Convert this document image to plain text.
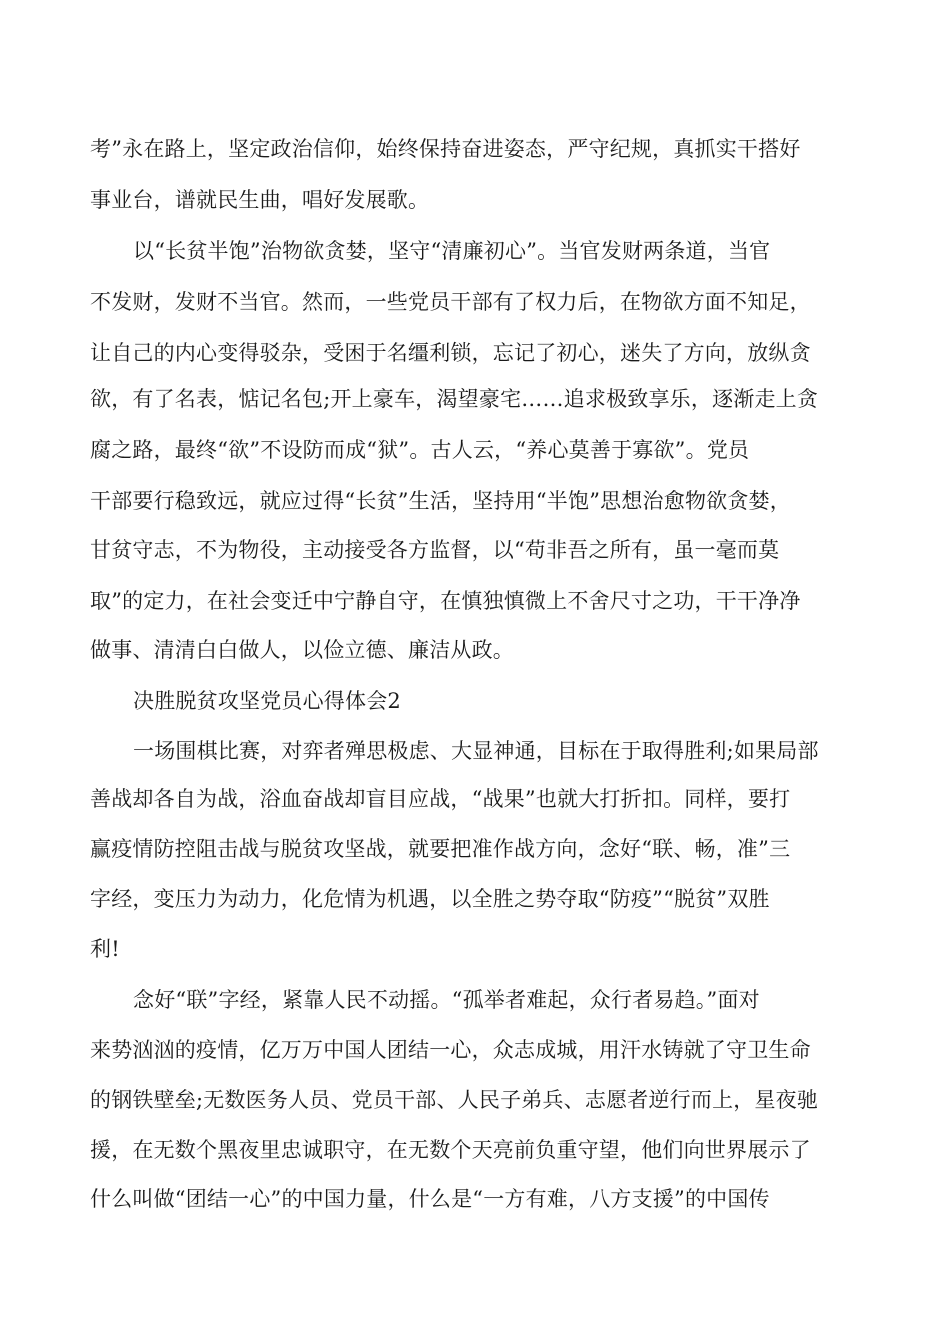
考”永在路上，坚定政治信仰，始终保持奋进姿态，严守纪规，真抓实干搭好
事业台，谱就民生曲，唱好发展歌。
以“长贫半饱”治物欲贪婪，坚守“清廉初心”。当官发财两条道，当官
不发财，发财不当官。然而，一些党员干部有了权力后，在物欲方面不知足，
让自己的内心变得驳杂，受困于名缰利锁，忘记了初心，迷失了方向，放纵贪
欲，有了名表，惦记名包;开上豪车，渴望豪宅……追求极致享乐，逐渐走上贪
腐之路，最终“欲”不设防而成“狱”。古人云，“养心莫善于寡欲”。党员
干部要行稳致远，就应过得“长贫”生活，坚持用“半饱”思想治愈物欲贪婪，
甘贫守志，不为物役，主动接受各方监督，以“苟非吾之所有，虽一毫而莫
取”的定力，在社会变迁中宁静自守，在慎独慎微上不舍尺寸之功，干干净净
做事、清清白白做人，以俭立德、廉洁从政。
决胜脱贫攻坚党员心得体会2
一场围棋比赛，对弈者殚思极虑、大显神通，目标在于取得胜利;如果局部
善战却各自为战，浴血奋战却盲目应战，“战果”也就大打折扣。同样，要打
赢疫情防控阻击战与脱贫攻坚战，就要把准作战方向，念好“联、畅，准”三
字经，变压力为动力，化危情为机遇，以全胜之势夺取“防疫”“脱贫”双胜
利!
念好“联”字经，紧靠人民不动摇。“孤举者难起，众行者易趋。”面对
来势汹汹的疫情，亿万万中国人团结一心，众志成城，用汗水铸就了守卫生命
的钢铁壁垒;无数医务人员、党员干部、人民子弟兵、志愿者逆行而上，星夜驰
援，在无数个黑夜里忠诚职守，在无数个天亮前负重守望，他们向世界展示了
什么叫做“团结一心”的中国力量，什么是“一方有难，八方支援”的中国传
